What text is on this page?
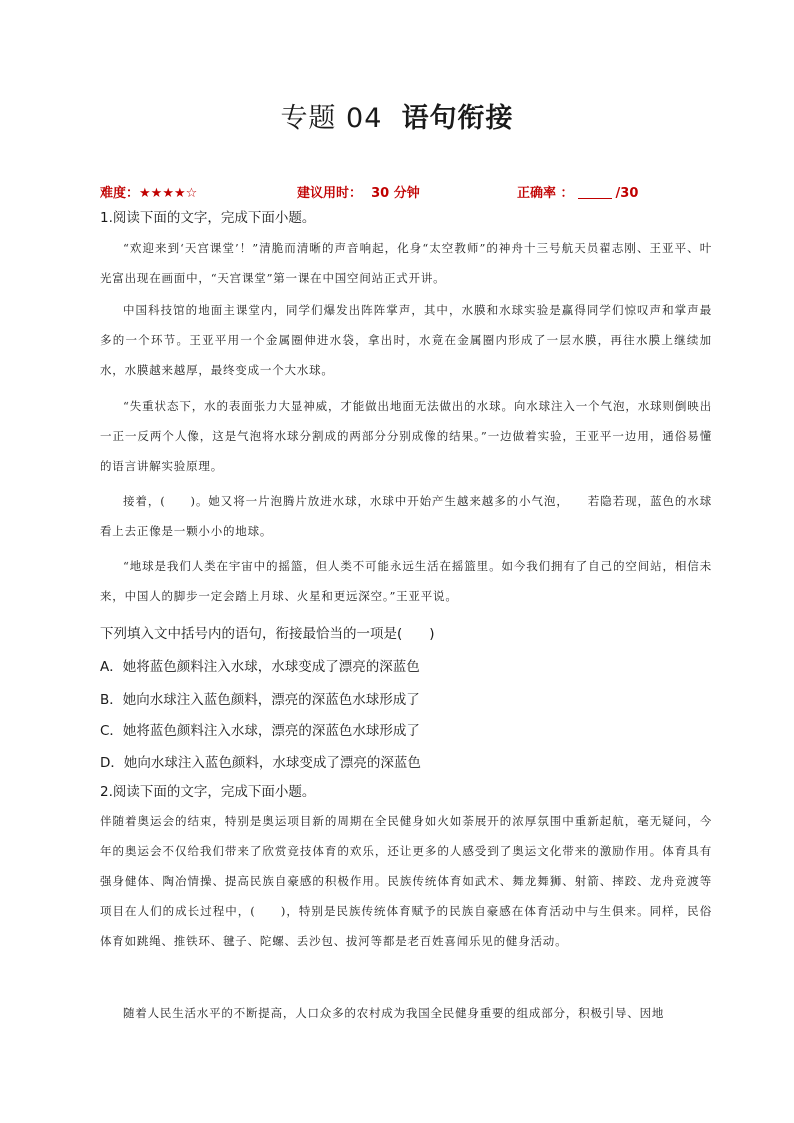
专题 04 语句衔接
难度：★★★★☆	建议用时： 30 分钟	正确率 ：	/30
1.阅读下面的文字，完成下面小题。
“欢迎来到‘天宫课堂’！”清脆而清晰的声音响起，化身“太空教师”的神舟十三号航天员翟志刚、王亚平、叶光富出现在画面中，“天宫课堂”第一课在中国空间站正式开讲。
中国科技馆的地面主课堂内，同学们爆发出阵阵掌声，其中，水膜和水球实验是赢得同学们惊叹声和掌声最多的一个环节。王亚平用一个金属圈伸进水袋，拿出时，水竟在金属圈内形成了一层水膜，再往水膜上继续加水，水膜越来越厚，最终变成一个大水球。
“失重状态下，水的表面张力大显神威，才能做出地面无法做出的水球。向水球注入一个气泡，水球则倒映出一正一反两个人像，这是气泡将水球分割成的两部分分别成像的结果。”一边做着实验，王亚平一边用，通俗易懂的语言讲解实验原理。
接着，(　　)。她又将一片泡腾片放进水球，水球中开始产生越来越多的小气泡，　　若隐若现，蓝色的水球看上去正像是一颗小小的地球。
“地球是我们人类在宇宙中的摇篮，但人类不可能永远生活在摇篮里。如今我们拥有了自己的空间站，相信未来，中国人的脚步一定会踏上月球、火星和更远深空。”王亚平说。
下列填入文中括号内的语句，衔接最恰当的一项是(　　)
A．她将蓝色颜料注入水球，水球变成了漂亮的深蓝色
B．她向水球注入蓝色颜料，漂亮的深蓝色水球形成了
C．她将蓝色颜料注入水球，漂亮的深蓝色水球形成了
D．她向水球注入蓝色颜料，水球变成了漂亮的深蓝色
2.阅读下面的文字，完成下面小题。
伴随着奥运会的结束，特别是奥运项目新的周期在全民健身如火如荼展开的浓厚氛围中重新起航，毫无疑问，今年的奥运会不仅给我们带来了欣赏竞技体育的欢乐，还让更多的人感受到了奥运文化带来的激励作用。体育具有强身健体、陶冶情操、提高民族自豪感的积极作用。民族传统体育如武术、舞龙舞狮、射箭、摔跤、龙舟竞渡等项目在人们的成长过程中，(　　)，特别是民族传统体育赋予的民族自豪感在体育活动中与生俱来。同样，民俗体育如跳绳、推铁环、毽子、陀螺、丢沙包、拔河等都是老百姓喜闻乐见的健身活动。
随着人民生活水平的不断提高，人口众多的农村成为我国全民健身重要的组成部分，积极引导、因地
